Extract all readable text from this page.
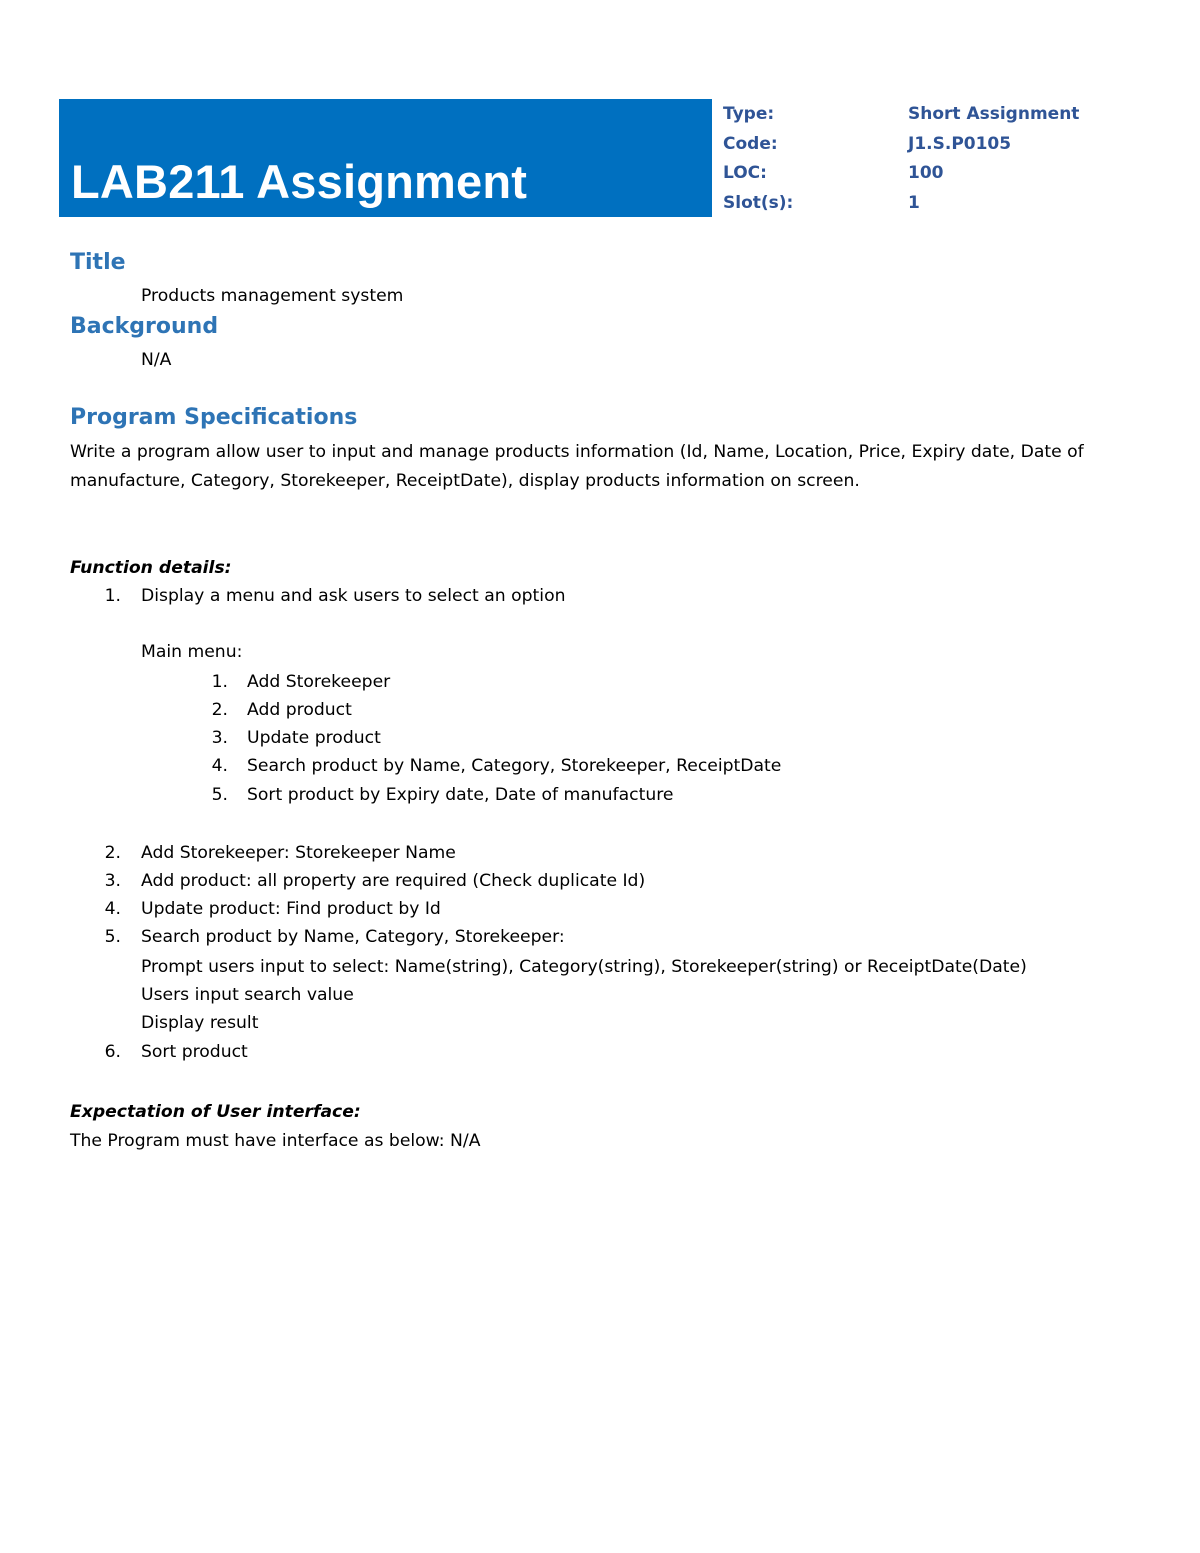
LAB211 Assignment
Type:	Short Assignment
Code:	J1.S.P0105
LOC:	100
Slot(s):	1
Title
Products management system
Background
N/A
Program Specifications
Write a program allow user to input and manage products information (Id, Name, Location, Price, Expiry date, Date of
manufacture, Category, Storekeeper, ReceiptDate), display products information on screen.
Function details:
1. Display a menu and ask users to select an option
Main menu:
1. Add Storekeeper
2. Add product
3. Update product
4. Search product by Name, Category, Storekeeper, ReceiptDate
5. Sort product by Expiry date, Date of manufacture
2. Add Storekeeper: Storekeeper Name
3. Add product: all property are required (Check duplicate Id)
4. Update product: Find product by Id
5. Search product by Name, Category, Storekeeper:
Prompt users input to select: Name(string), Category(string), Storekeeper(string) or ReceiptDate(Date)
Users input search value
Display result
6. Sort product
Expectation of User interface:
The Program must have interface as below: N/A
